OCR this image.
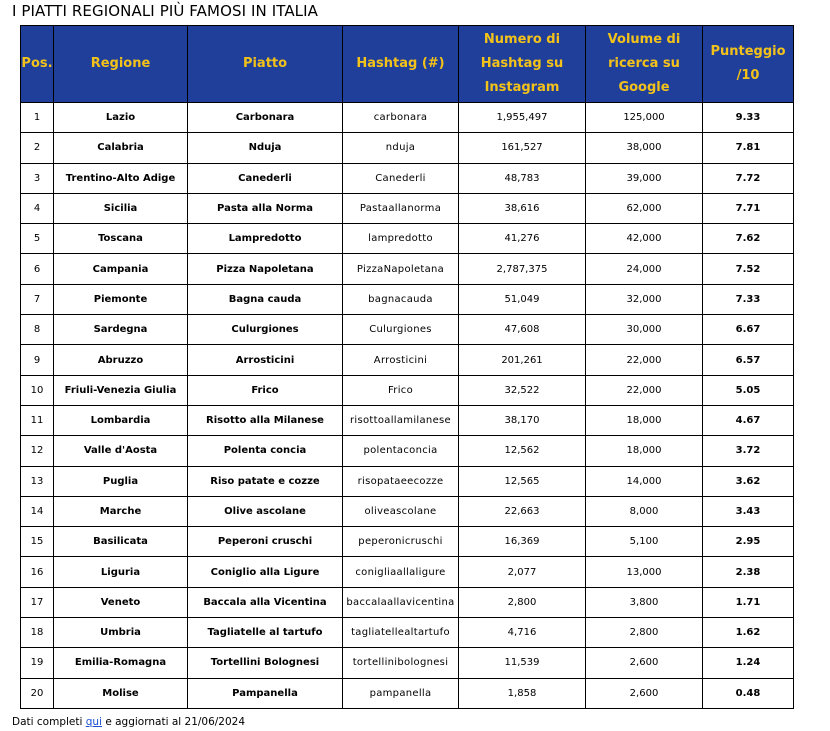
I PIATTI REGIONALI PIÙ FAMOSI IN ITALIA
Pos.	Regione	Piatto	Hashtag (#)	Numero di Hashtag su Instagram	Volume di ricerca su Google	Punteggio /10
1	Lazio	Carbonara	carbonara	1,955,497	125,000	9.33
2	Calabria	Nduja	nduja	161,527	38,000	7.81
3	Trentino-Alto Adige	Canederli	Canederli	48,783	39,000	7.72
4	Sicilia	Pasta alla Norma	Pastaallanorma	38,616	62,000	7.71
5	Toscana	Lampredotto	lampredotto	41,276	42,000	7.62
6	Campania	Pizza Napoletana	PizzaNapoletana	2,787,375	24,000	7.52
7	Piemonte	Bagna cauda	bagnacauda	51,049	32,000	7.33
8	Sardegna	Culurgiones	Culurgiones	47,608	30,000	6.67
9	Abruzzo	Arrosticini	Arrosticini	201,261	22,000	6.57
10	Friuli-Venezia Giulia	Frico	Frico	32,522	22,000	5.05
11	Lombardia	Risotto alla Milanese	risottoallamilanese	38,170	18,000	4.67
12	Valle d'Aosta	Polenta concia	polentaconcia	12,562	18,000	3.72
13	Puglia	Riso patate e cozze	risopataeecozze	12,565	14,000	3.62
14	Marche	Olive ascolane	oliveascolane	22,663	8,000	3.43
15	Basilicata	Peperoni cruschi	peperonicruschi	16,369	5,100	2.95
16	Liguria	Coniglio alla Ligure	conigliaallaligure	2,077	13,000	2.38
17	Veneto	Baccala alla Vicentina	baccalaallavicentina	2,800	3,800	1.71
18	Umbria	Tagliatelle al tartufo	tagliatellealtartufo	4,716	2,800	1.62
19	Emilia-Romagna	Tortellini Bolognesi	tortellinibolognesi	11,539	2,600	1.24
20	Molise	Pampanella	pampanella	1,858	2,600	0.48
Dati completi qui e aggiornati al 21/06/2024
